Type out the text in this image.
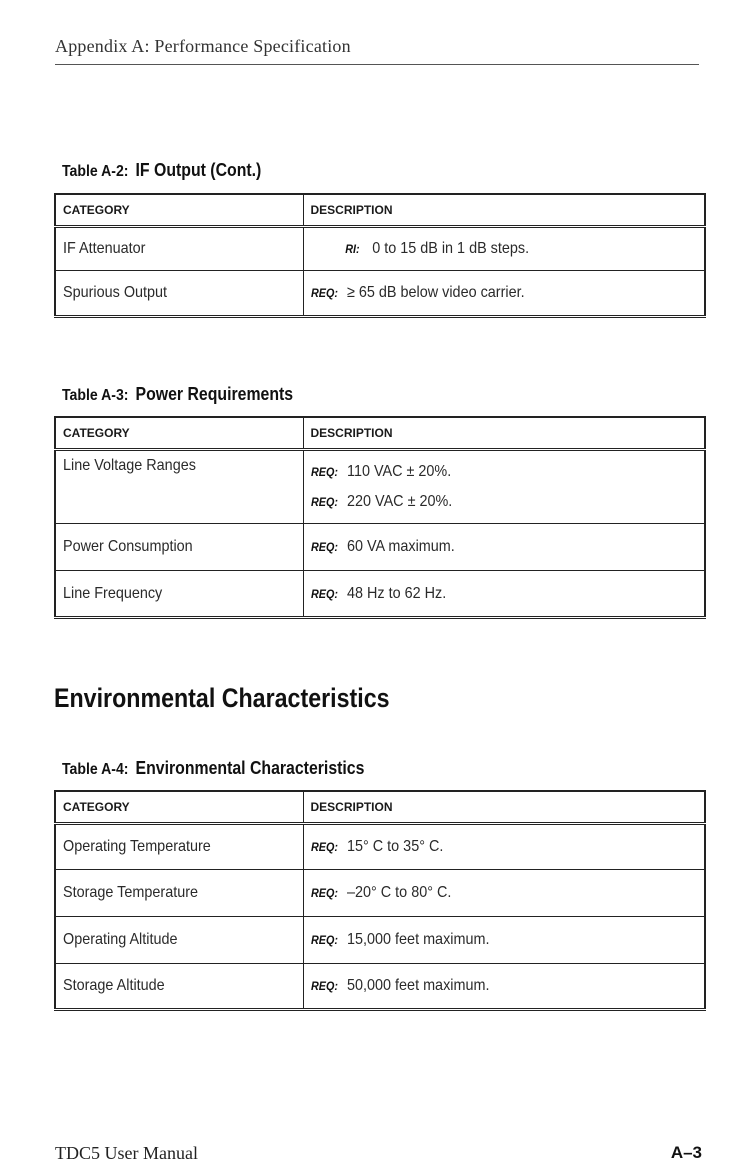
Appendix A: Performance Specification
Table A-2: IF Output (Cont.)
CATEGORY	DESCRIPTION
IF Attenuator	RI: 0 to 15 dB in 1 dB steps.
Spurious Output	REQ: ≥ 65 dB below video carrier.
Table A-3: Power Requirements
CATEGORY	DESCRIPTION
Line Voltage Ranges	REQ: 110 VAC ± 20%.
REQ: 220 VAC ± 20%.

Power Consumption	REQ: 60 VA maximum.
Line Frequency	REQ: 48 Hz to 62 Hz.
Environmental Characteristics
Table A-4: Environmental Characteristics
CATEGORY	DESCRIPTION
Operating Temperature	REQ: 15° C to 35° C.
Storage Temperature	REQ: –20° C to 80° C.
Operating Altitude	REQ: 15,000 feet maximum.
Storage Altitude	REQ: 50,000 feet maximum.
TDC5 User Manual	A–3
